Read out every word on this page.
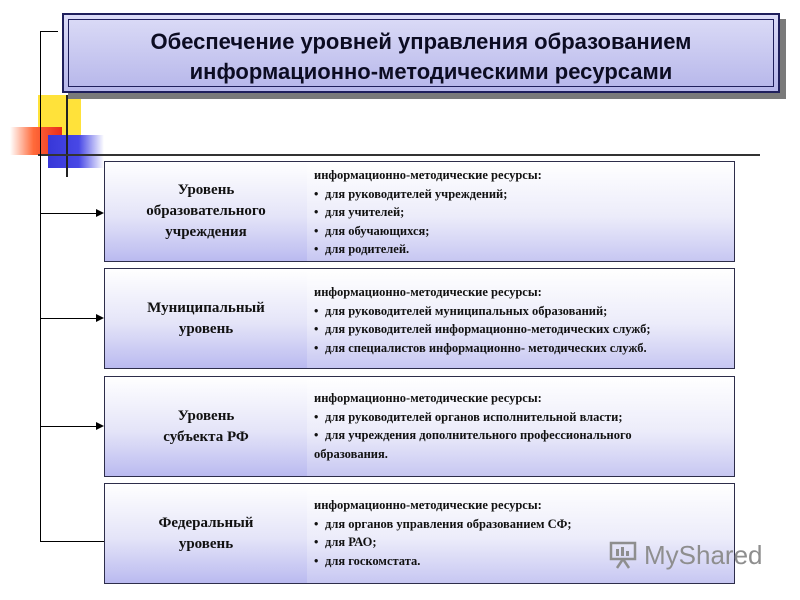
Обеспечение уровней управления образованием
информационно-методическими ресурсами
Уровень
образовательного
учреждения
информационно-методические ресурсы:
• для руководителей учреждений;
• для учителей;
• для обучающихся;
• для родителей.
Муниципальный
уровень
информационно-методические ресурсы:
• для руководителей муниципальных образований;
• для руководителей информационно-методических служб;
• для специалистов информационно- методических служб.
Уровень
субъекта РФ
информационно-методические ресурсы:
• для руководителей органов исполнительной власти;
• для учреждения дополнительного профессионального
образования.
Федеральный
уровень
информационно-методические ресурсы:
• для органов управления образованием СФ;
• для РАО;
• для госкомстата.	MyShared
